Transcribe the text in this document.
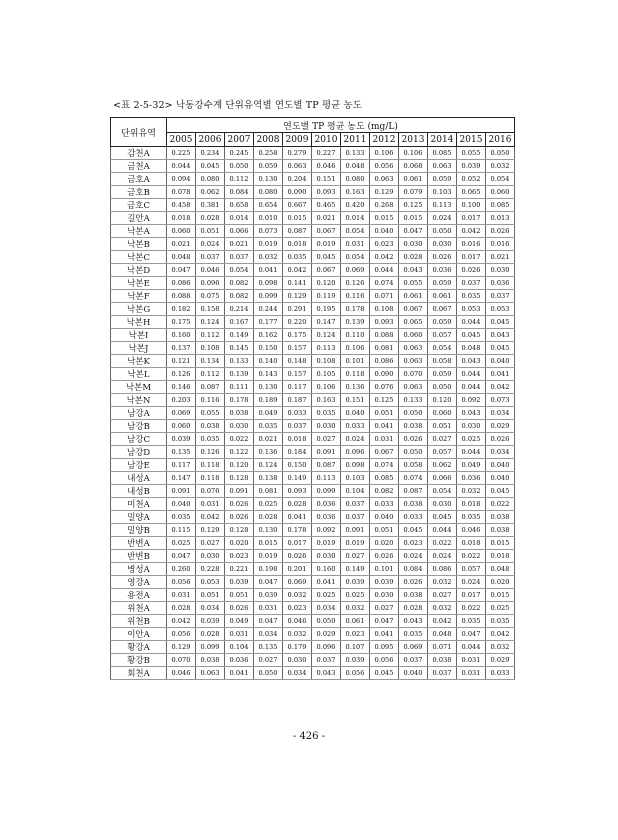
<표 2-5-32> 낙동강수계 단위유역별 연도별 TP 평균 농도
단위유역	연도별 TP 평균 농도 (mg/L)											
	2005	2006	2007	2008	2009	2010	2011	2012	2013	2014	2015	2016
감천A	0.225	0.234	0.245	0.258	0.279	0.227	0.133	0.106	0.106	0.085	0.055	0.050
금천A	0.044	0.045	0.050	0.059	0.063	0.046	0.048	0.056	0.068	0.063	0.039	0.032
금호A	0.094	0.080	0.112	0.130	0.204	0.151	0.080	0.063	0.061	0.059	0.052	0.054
금호B	0.078	0.062	0.084	0.080	0.090	0.093	0.163	0.129	0.079	0.103	0.065	0.060
금호C	0.458	0.381	0.658	0.654	0.667	0.465	0.420	0.268	0.125	0.113	0.100	0.085
길안A	0.018	0.028	0.014	0.010	0.015	0.021	0.014	0.015	0.015	0.024	0.017	0.013
낙본A	0.060	0.051	0.066	0.073	0.087	0.067	0.054	0.040	0.047	0.050	0.042	0.026
낙본B	0.021	0.024	0.021	0.019	0.018	0.019	0.031	0.023	0.030	0.030	0.016	0.016
낙본C	0.048	0.037	0.037	0.032	0.035	0.045	0.054	0.042	0.028	0.026	0.017	0.021
낙본D	0.047	0.046	0.054	0.041	0.042	0.067	0.069	0.044	0.043	0.036	0.026	0.030
낙본E	0.086	0.096	0.082	0.098	0.141	0.120	0.126	0.074	0.055	0.059	0.037	0.036
낙본F	0.088	0.075	0.082	0.099	0.129	0.119	0.116	0.071	0.061	0.061	0.035	0.037
낙본G	0.182	0.158	0.214	0.244	0.291	0.195	0.178	0.108	0.067	0.067	0.053	0.053
낙본H	0.175	0.124	0.167	0.177	0.220	0.147	0.139	0.093	0.065	0.059	0.044	0.045
낙본I	0.160	0.112	0.149	0.162	0.175	0.124	0.110	0.088	0.060	0.057	0.045	0.043
낙본J	0.137	0.108	0.145	0.150	0.157	0.113	0.106	0.081	0.063	0.054	0.048	0.045
낙본K	0.121	0.134	0.133	0.140	0.148	0.108	0.101	0.086	0.063	0.058	0.043	0.040
낙본L	0.126	0.112	0.139	0.143	0.157	0.105	0.118	0.090	0.070	0.059	0.044	0.041
낙본M	0.146	0.087	0.111	0.130	0.117	0.106	0.136	0.076	0.063	0.050	0.044	0.042
낙본N	0.203	0.116	0.178	0.189	0.187	0.163	0.151	0.125	0.133	0.120	0.092	0.073
남강A	0.069	0.055	0.038	0.049	0.033	0.035	0.040	0.051	0.050	0.060	0.043	0.034
남강B	0.060	0.038	0.030	0.035	0.037	0.030	0.033	0.041	0.038	0.051	0.030	0.029
남강C	0.039	0.035	0.022	0.021	0.018	0.027	0.024	0.031	0.026	0.027	0.025	0.026
남강D	0.135	0.126	0.122	0.136	0.184	0.091	0.096	0.067	0.050	0.057	0.044	0.034
남강E	0.117	0.118	0.120	0.124	0.150	0.087	0.098	0.074	0.058	0.062	0.049	0.040
내성A	0.147	0.118	0.128	0.138	0.149	0.113	0.103	0.085	0.074	0.066	0.036	0.040
내성B	0.091	0.076	0.091	0.081	0.093	0.099	0.104	0.082	0.087	0.054	0.032	0.045
미천A	0.040	0.031	0.026	0.025	0.028	0.036	0.037	0.033	0.038	0.030	0.018	0.022
밀양A	0.035	0.042	0.026	0.028	0.041	0.036	0.037	0.040	0.033	0.045	0.035	0.038
밀양B	0.115	0.129	0.128	0.130	0.178	0.092	0.091	0.051	0.045	0.044	0.046	0.038
반변A	0.025	0.027	0.020	0.015	0.017	0.019	0.019	0.020	0.023	0.022	0.018	0.015
반변B	0.047	0.030	0.023	0.019	0.026	0.030	0.027	0.026	0.024	0.024	0.022	0.018
병성A	0.260	0.228	0.221	0.198	0.201	0.160	0.149	0.101	0.084	0.086	0.057	0.048
영강A	0.056	0.053	0.039	0.047	0.069	0.041	0.039	0.039	0.026	0.032	0.024	0.020
용전A	0.031	0.051	0.051	0.039	0.032	0.025	0.025	0.030	0.038	0.027	0.017	0.015
위천A	0.028	0.034	0.026	0.031	0.023	0.034	0.032	0.027	0.028	0.032	0.022	0.025
위천B	0.042	0.039	0.049	0.047	0.046	0.050	0.061	0.047	0.043	0.042	0.035	0.035
이안A	0.056	0.028	0.031	0.034	0.032	0.029	0.023	0.041	0.035	0.048	0.047	0.042
황강A	0.129	0.099	0.104	0.135	0.179	0.096	0.107	0.095	0.069	0.071	0.044	0.032
황강B	0.070	0.038	0.036	0.027	0.030	0.037	0.039	0.056	0.037	0.038	0.031	0.029
회천A	0.046	0.063	0.041	0.050	0.034	0.043	0.056	0.045	0.040	0.037	0.031	0.033
- 426 -
